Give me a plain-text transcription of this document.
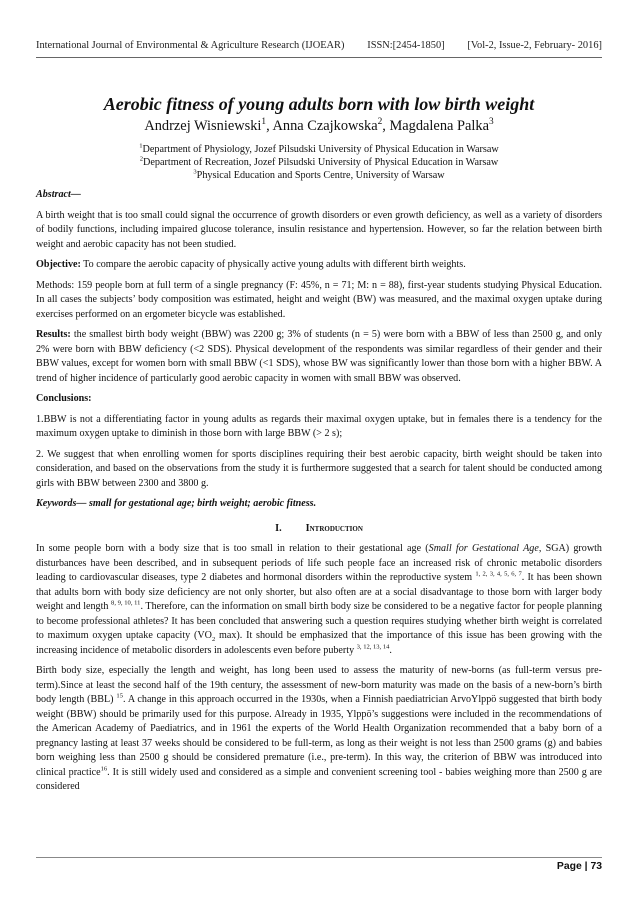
International Journal of Environmental & Agriculture Research (IJOEAR) ISSN:[2454-1850] [Vol-2, Issue-2, February- 2016]
Aerobic fitness of young adults born with low birth weight
Andrzej Wisniewski$^1$, Anna Czajkowska$^2$, Magdalena Palka$^3$
$^1$Department of Physiology, Jozef Pilsudski University of Physical Education in Warsaw
$^2$Department of Recreation, Jozef Pilsudski University of Physical Education in Warsaw
$^3$Physical Education and Sports Centre, University of Warsaw

Abstract—

A birth weight that is too small could signal the occurrence of growth disorders or even growth deficiency, as well as a variety of disorders of bodily functions, including impaired glucose tolerance, insulin resistance and hypertension. However, so far the relation between birth weight and aerobic capacity has not been studied.

Objective: To compare the aerobic capacity of physically active young adults with different birth weights.

Methods: 159 people born at full term of a single pregnancy (F: 45%, n = 71; M: n = 88), first-year students studying Physical Education. In all cases the subjects’ body composition was estimated, height and weight (BW) was measured, and the maximal oxygen uptake during exercises performed on an ergometer bicycle was established.

Results: the smallest birth body weight (BBW) was 2200 g; 3% of students (n = 5) were born with a BBW of less than 2500 g, and only 2% were born with BBW deficiency (<2 SDS). Physical development of the respondents was similar regardless of their gender and their BBW values, except for women born with small BBW (<1 SDS), whose BW was significantly lower than those born with a higher BBW. A trend of higher incidence of particularly good aerobic capacity in women with small BBW was observed.

Conclusions:

1.BBW is not a differentiating factor in young adults as regards their maximal oxygen uptake, but in females there is a tendency for the maximum oxygen uptake to diminish in those born with large BBW (> 2 s);

2. We suggest that when enrolling women for sports disciplines requiring their best aerobic capacity, birth weight should be taken into consideration, and based on the observations from the study it is furthermore suggested that a search for talent should be conducted among girls with BBW between 2300 and 3800 g.

Keywords— small for gestational age; birth weight; aerobic fitness.

I. Introduction

In some people born with a body size that is too small in relation to their gestational age (Small for Gestational Age, SGA) growth disturbances have been described, and in subsequent periods of life such people face an increased risk of chronic metabolic disorders leading to cardiovascular diseases, type 2 diabetes and hormonal disorders within the reproductive system $^{1, 2, 3, 4, 5, 6, 7}$. It has been shown that adults born with body size deficiency are not only shorter, but also often are at a social disadvantage to those born with larger body weight and length $^{8, 9, 10, 11}$. Therefore, can the information on small birth body size be considered to be a negative factor for people planning to become professional athletes? It has been concluded that answering such a question requires studying whether birth weight is correlated to maximum oxygen uptake capacity ($VO_2$ max). It should be emphasized that the importance of this issue has been growing with the increasing incidence of metabolic disorders in adolescents even before puberty $^{3, 12, 13, 14}$.

Birth body size, especially the length and weight, has long been used to assess the maturity of new-borns (as full-term versus pre-term).Since at least the second half of the 19th century, the assessment of new-born maturity was made on the basis of a new-born’s birth body length (BBL) $^{15}$. A change in this approach occurred in the 1930s, when a Finnish paediatrician ArvoYlppö suggested that birth body weight (BBW) should be primarily used for this purpose. Already in 1935, Ylppö’s suggestions were included in the recommendations of the American Academy of Paediatrics, and in 1961 the experts of the World Health Organization recommended that a baby born of a pregnancy lasting at least 37 weeks should be considered to be full-term, as long as their weight is not less than 2500 grams (g) and babies born weighing less than 2500 g should be considered premature (i.e., pre-term). In this way, the criterion of BBW was introduced into clinical practice$^{16}$. It is still widely used and considered as a simple and convenient screening tool - babies weighing more than 2500 g are considered

Page | 73
